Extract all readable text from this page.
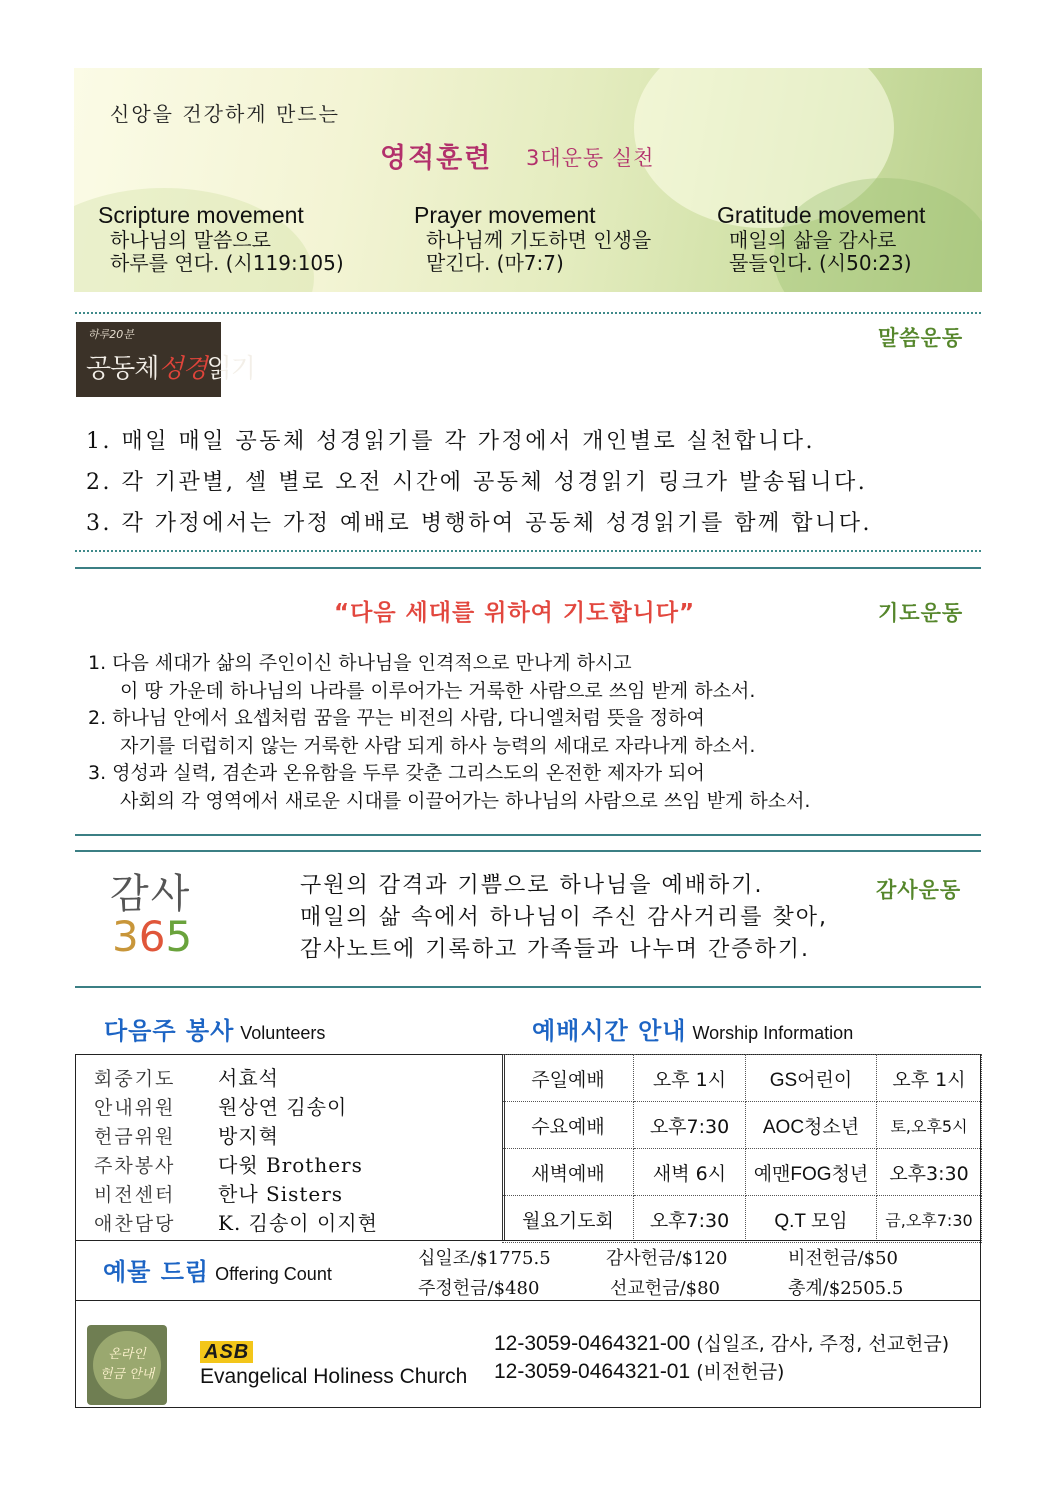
신앙을 건강하게 만드는
영적훈련 3대운동 실천
Scripture movement
하나님의 말씀으로
하루를 연다. (시119:105)
Prayer movement
하나님께 기도하면 인생을
맡긴다. (마7:7)
Gratitude movement
매일의 삶을 감사로
물들인다. (시50:23)
말씀운동
하루20분
공동체성경읽기
1. 매일 매일 공동체 성경읽기를 각 가정에서 개인별로 실천합니다.
2. 각 기관별, 셀 별로 오전 시간에 공동체 성경읽기 링크가 발송됩니다.
3. 각 가정에서는 가정 예배로 병행하여 공동체 성경읽기를 함께 합니다.
“다음 세대를 위하여 기도합니다”	기도운동
1. 다음 세대가 삶의 주인이신 하나님을 인격적으로 만나게 하시고
이 땅 가운데 하나님의 나라를 이루어가는 거룩한 사람으로 쓰임 받게 하소서.
2. 하나님 안에서 요셉처럼 꿈을 꾸는 비전의 사람, 다니엘처럼 뜻을 정하여
자기를 더럽히지 않는 거룩한 사람 되게 하사 능력의 세대로 자라나게 하소서.
3. 영성과 실력, 겸손과 온유함을 두루 갖춘 그리스도의 온전한 제자가 되어
사회의 각 영역에서 새로운 시대를 이끌어가는 하나님의 사람으로 쓰임 받게 하소서.
감사
365
구원의 감격과 기쁨으로 하나님을 예배하기.
매일의 삶 속에서 하나님이 주신 감사거리를 찾아,
감사노트에 기록하고 가족들과 나누며 간증하기.
감사운동
다음주 봉사 Volunteers	예배시간 안내 Worship Information
회중기도 서효석
안내위원 원상연 김송이
헌금위원 방지혁
주차봉사 다윗 Brothers
비전센터 한나 Sisters
애찬담당 K. 김송이 이지현
주일예배	오후 1시	GS어린이	오후 1시
수요예배	오후7:30	AOC청소년	토,오후5시
새벽예배	새벽 6시	예맨FOG청년	오후3:30
월요기도회	오후7:30	Q.T 모임	금,오후7:30
예물 드림 Offering Count
십일조/$1775.5	감사헌금/$120	비전헌금/$50
주정헌금/$480	선교헌금/$80	총계/$2505.5
온라인
헌금 안내
ASB
Evangelical Holiness Church
12-3059-0464321-00 (십일조, 감사, 주정, 선교헌금)
12-3059-0464321-01 (비전헌금)
